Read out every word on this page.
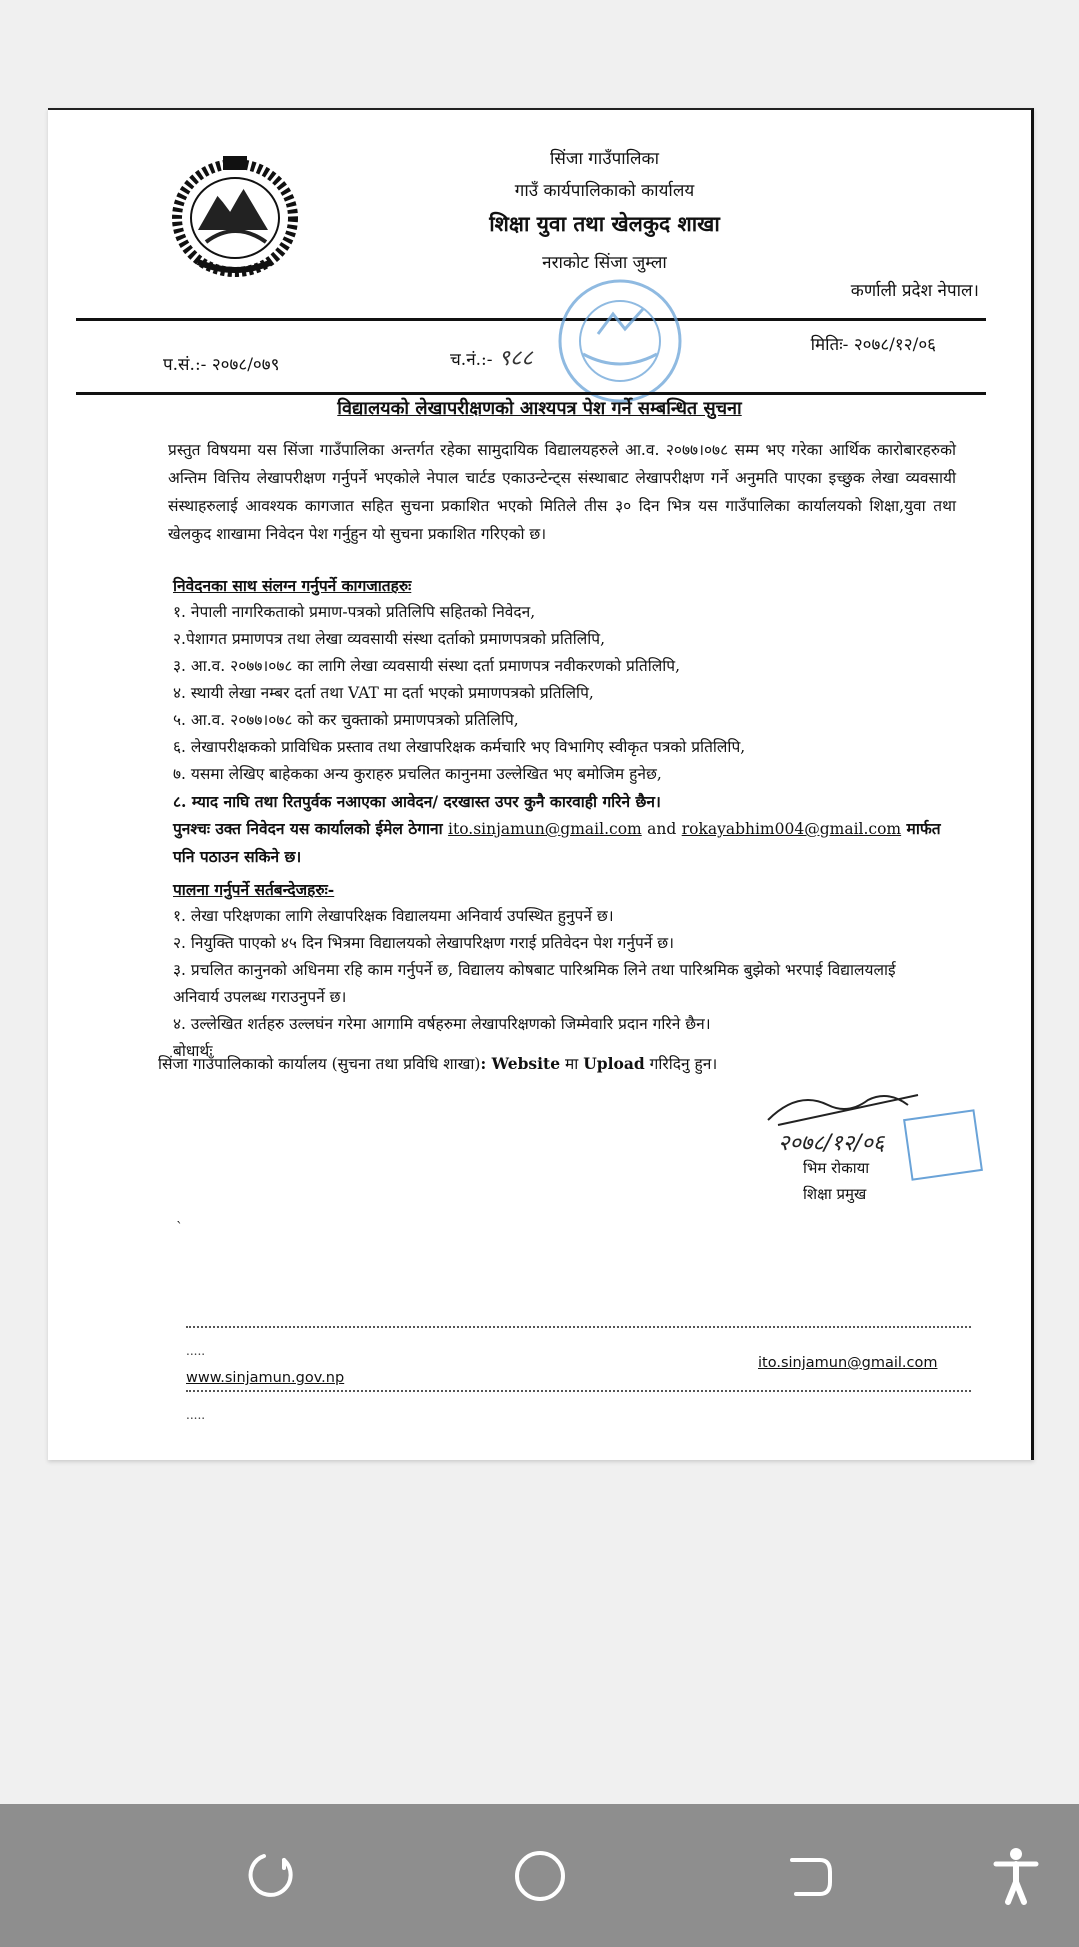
सिंजा गाउँपालिका
गाउँ कार्यपालिकाको कार्यालय
शिक्षा युवा तथा खेलकुद शाखा
नराकोट सिंजा जुम्ला
कर्णाली प्रदेश नेपाल।
प.सं.:- २०७८/०७९	च.नं.:- ९८८
मितिः- २०७८/१२/०६
विद्यालयको लेखापरीक्षणको आश्यपत्र पेश गर्ने सम्बन्धित सुचना
प्रस्तुत विषयमा यस सिंजा गाउँपालिका अन्तर्गत रहेका सामुदायिक विद्यालयहरुले आ.व. २०७७।०७८ सम्म भए गरेका आर्थिक कारोबारहरुको अन्तिम वित्तिय लेखापरीक्षण गर्नुपर्ने भएकोले नेपाल चार्टड एकाउन्टेन्ट्स संस्थाबाट लेखापरीक्षण गर्ने अनुमति पाएका इच्छुक लेखा व्यवसायी संस्थाहरुलाई आवश्यक कागजात सहित सुचना प्रकाशित भएको मितिले तीस ३० दिन भित्र यस गाउँपालिका कार्यालयको शिक्षा,युवा तथा खेलकुद शाखामा निवेदन पेश गर्नुहुन यो सुचना प्रकाशित गरिएको छ।
निवेदनका साथ संलग्न गर्नुपर्ने कागजातहरुः
१. नेपाली नागरिकताको प्रमाण-पत्रको प्रतिलिपि सहितको निवेदन,
२.पेशागत प्रमाणपत्र तथा लेखा व्यवसायी संस्था दर्ताको प्रमाणपत्रको प्रतिलिपि,
३. आ.व. २०७७।०७८ का लागि लेखा व्यवसायी संस्था दर्ता प्रमाणपत्र नवीकरणको प्रतिलिपि,
४. स्थायी लेखा नम्बर दर्ता तथा VAT मा दर्ता भएको प्रमाणपत्रको प्रतिलिपि,
५. आ.व. २०७७।०७८ को कर चुक्ताको प्रमाणपत्रको प्रतिलिपि,
६. लेखापरीक्षकको प्राविधिक प्रस्ताव तथा लेखापरिक्षक कर्मचारि भए विभागिए स्वीकृत पत्रको प्रतिलिपि,
७. यसमा लेखिए बाहेकका अन्य कुराहरु प्रचलित कानुनमा उल्लेखित भए बमोजिम हुनेछ,
८. म्याद नाघि तथा रितपुर्वक नआएका आवेदन/ दरखास्त उपर कुनै कारवाही गरिने छैन।
पुनश्चः उक्त निवेदन यस कार्यालको ईमेल ठेगाना ito.sinjamun@gmail.com and rokayabhim004@gmail.com मार्फत
पनि पठाउन सकिने छ।
पालना गर्नुपर्ने सर्तबन्देजहरुः-
१. लेखा परिक्षणका लागि लेखापरिक्षक विद्यालयमा अनिवार्य उपस्थित हुनुपर्ने छ।
२. नियुक्ति पाएको ४५ दिन भित्रमा विद्यालयको लेखापरिक्षण गराई प्रतिवेदन पेश गर्नुपर्ने छ।
३. प्रचलित कानुनको अधिनमा रहि काम गर्नुपर्ने छ, विद्यालय कोषबाट पारिश्रमिक लिने तथा पारिश्रमिक बुझेको भरपाई विद्यालयलाई
अनिवार्य उपलब्ध गराउनुपर्ने छ।
४. उल्लेखित शर्तहरु उल्लघंन गरेमा आगामि वर्षहरुमा लेखापरिक्षणको जिम्मेवारि प्रदान गरिने छैन।
बोधार्थः
सिंजा गाउँपालिकाको कार्यालय (सुचना तथा प्रविधि शाखा): Website मा Upload गरिदिनु हुन।
२०७८/१२/०६
भिम रोकाया
शिक्षा प्रमुख
`
.....
ito.sinjamun@gmail.com
www.sinjamun.gov.np
.....
